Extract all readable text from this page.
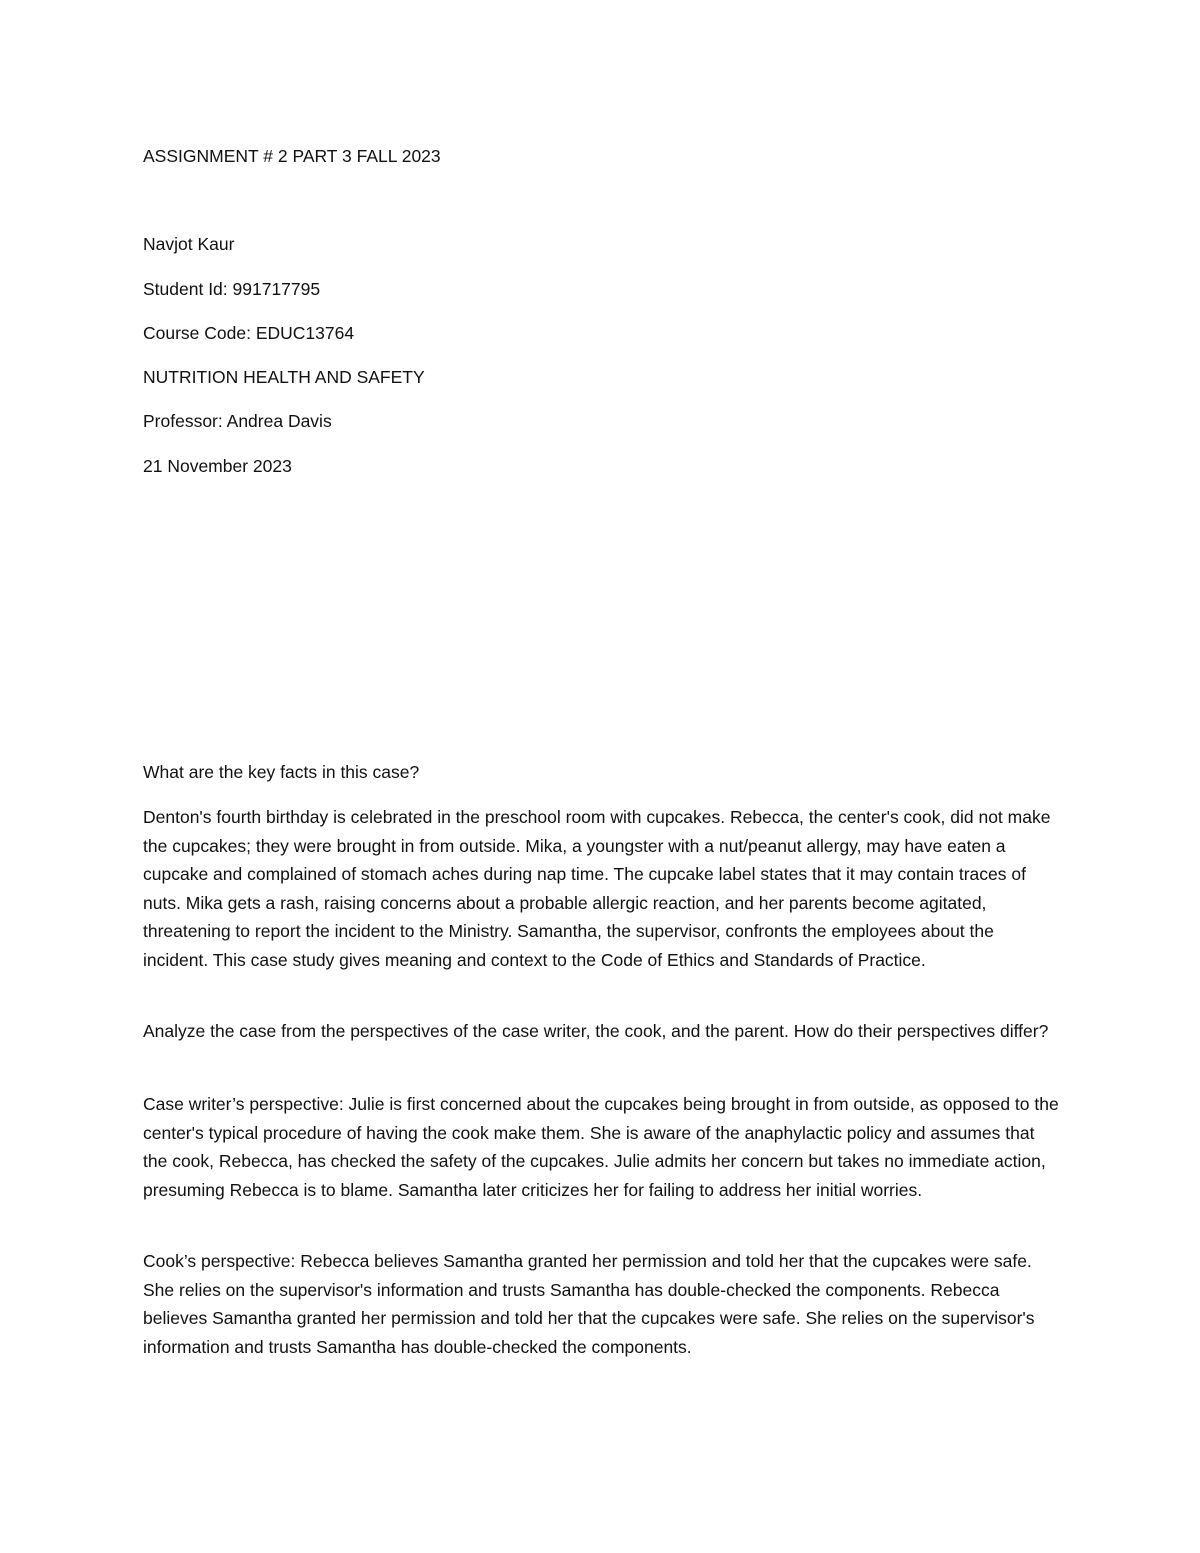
ASSIGNMENT # 2 PART 3 FALL 2023
Navjot Kaur
Student Id: 991717795
Course Code: EDUC13764
NUTRITION HEALTH AND SAFETY
Professor: Andrea Davis
21 November 2023

What are the key facts in this case?

Denton's fourth birthday is celebrated in the preschool room with cupcakes. Rebecca, the center's cook, did not make the cupcakes; they were brought in from outside. Mika, a youngster with a nut/peanut allergy, may have eaten a cupcake and complained of stomach aches during nap time. The cupcake label states that it may contain traces of nuts. Mika gets a rash, raising concerns about a probable allergic reaction, and her parents become agitated, threatening to report the incident to the Ministry. Samantha, the supervisor, confronts the employees about the incident. This case study gives meaning and context to the Code of Ethics and Standards of Practice.

Analyze the case from the perspectives of the case writer, the cook, and the parent. How do their perspectives differ?

Case writer’s perspective: Julie is first concerned about the cupcakes being brought in from outside, as opposed to the center's typical procedure of having the cook make them. She is aware of the anaphylactic policy and assumes that the cook, Rebecca, has checked the safety of the cupcakes. Julie admits her concern but takes no immediate action, presuming Rebecca is to blame. Samantha later criticizes her for failing to address her initial worries.

Cook’s perspective: Rebecca believes Samantha granted her permission and told her that the cupcakes were safe. She relies on the supervisor's information and trusts Samantha has double-checked the components. Rebecca believes Samantha granted her permission and told her that the cupcakes were safe. She relies on the supervisor's information and trusts Samantha has double-checked the components.
